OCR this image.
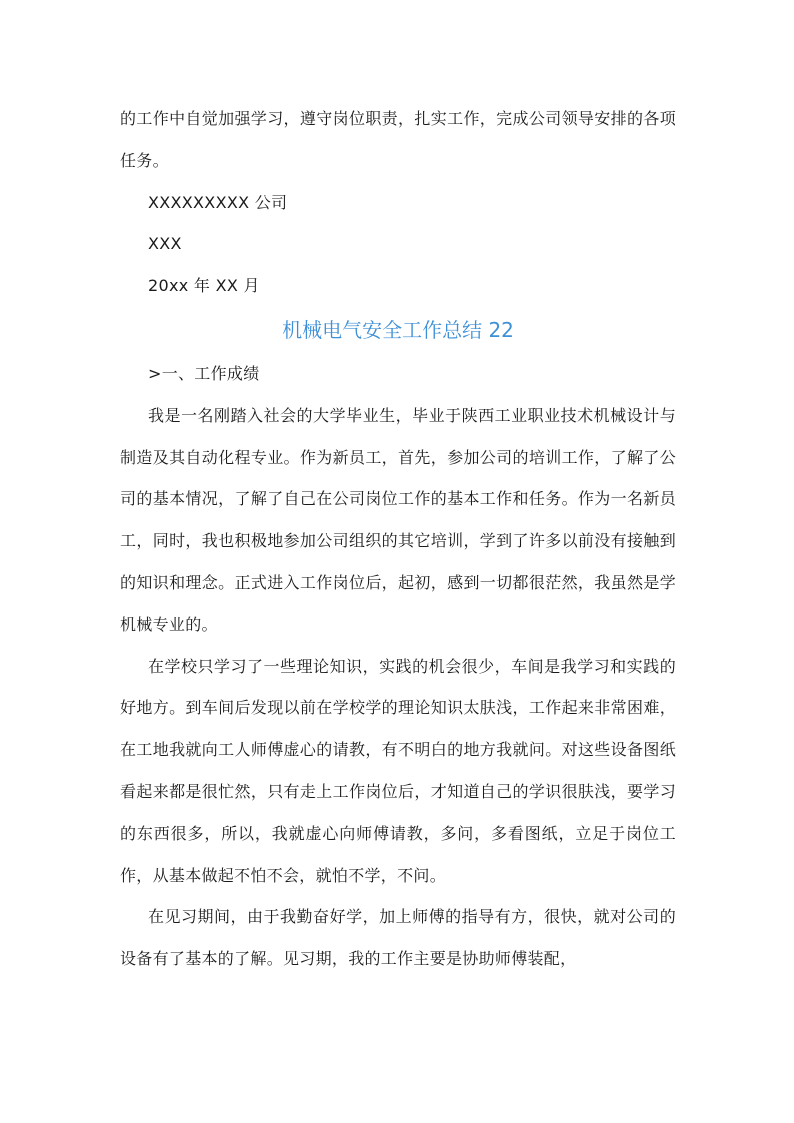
的工作中自觉加强学习，遵守岗位职责，扎实工作，完成公司领导安排的各项任务。

XXXXXXXXX 公司

XXX

20xx 年 XX 月

机械电气安全工作总结 22

>一、工作成绩

我是一名刚踏入社会的大学毕业生，毕业于陕西工业职业技术机械设计与制造及其自动化程专业。作为新员工，首先，参加公司的培训工作，了解了公司的基本情况，了解了自己在公司岗位工作的基本工作和任务。作为一名新员工，同时，我也积极地参加公司组织的其它培训，学到了许多以前没有接触到的知识和理念。正式进入工作岗位后，起初，感到一切都很茫然，我虽然是学机械专业的。

在学校只学习了一些理论知识，实践的机会很少，车间是我学习和实践的好地方。到车间后发现以前在学校学的理论知识太肤浅，工作起来非常困难，在工地我就向工人师傅虚心的请教，有不明白的地方我就问。对这些设备图纸看起来都是很忙然，只有走上工作岗位后，才知道自己的学识很肤浅，要学习的东西很多，所以，我就虚心向师傅请教，多问，多看图纸，立足于岗位工作，从基本做起不怕不会，就怕不学，不问。

在见习期间，由于我勤奋好学，加上师傅的指导有方，很快，就对公司的设备有了基本的了解。见习期，我的工作主要是协助师傅装配，
